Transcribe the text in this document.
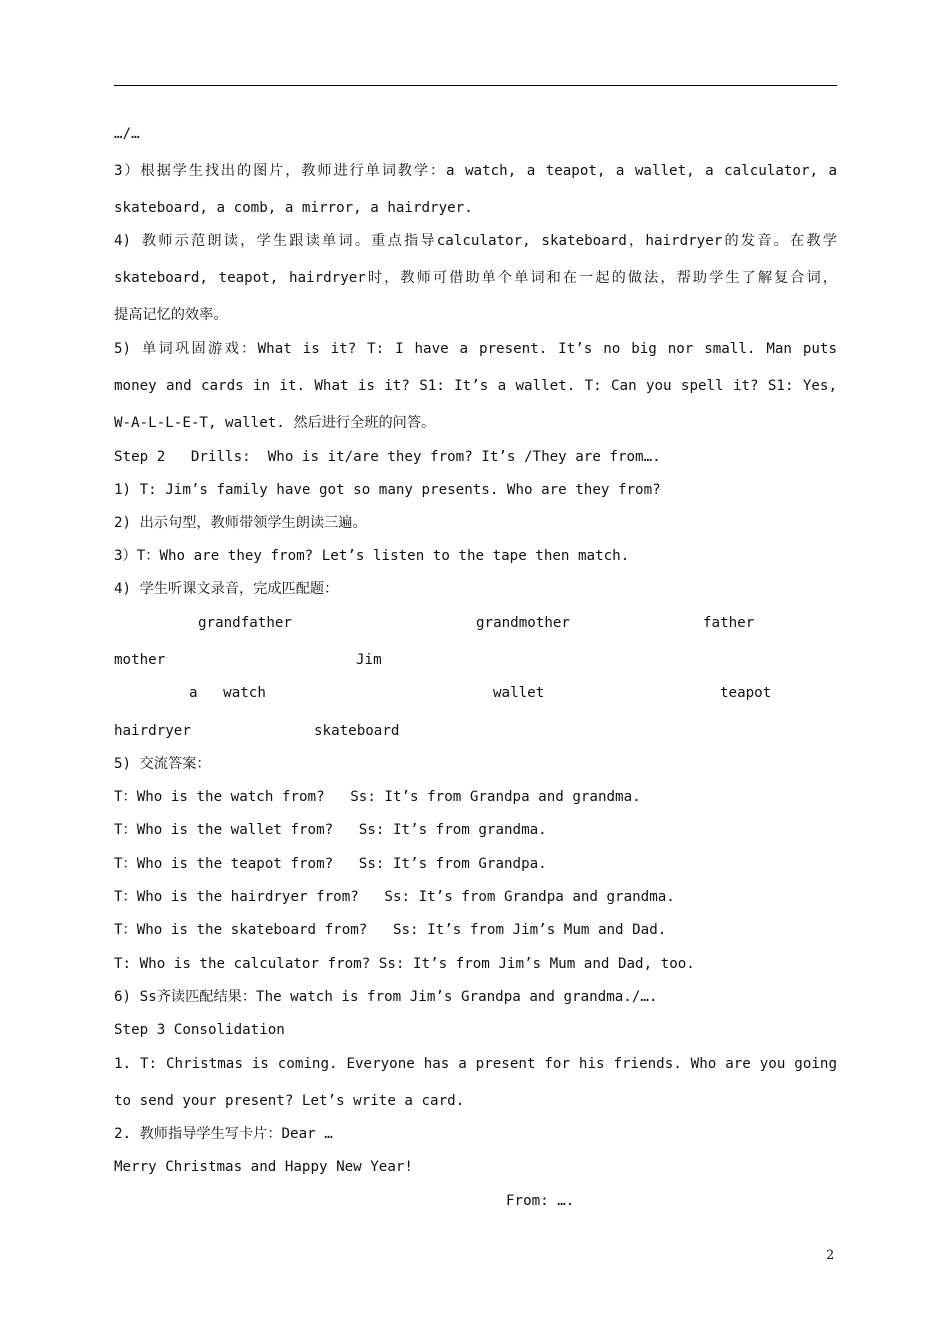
…/…

3）根据学生找出的图片，教师进行单词教学：a watch, a teapot, a wallet, a calculator, a

skateboard, a comb, a mirror, a hairdryer.

4) 教师示范朗读，学生跟读单词。重点指导calculator, skateboard，hairdryer的发音。在教学

skateboard, teapot, hairdryer时，教师可借助单个单词和在一起的做法，帮助学生了解复合词，

提高记忆的效率。

5) 单词巩固游戏：What is it? T: I have a present. It’s no big nor small. Man puts

money and cards in it. What is it? S1: It’s a wallet. T: Can you spell it? S1: Yes,

W-A-L-L-E-T, wallet. 然后进行全班的问答。

Step 2   Drills:  Who is it/are they from? It’s /They are from….

1) T: Jim’s family have got so many presents. Who are they from?

2) 出示句型，教师带领学生朗读三遍。

3）T：Who are they from? Let’s listen to the tape then match.

4) 学生听课文录音，完成匹配题：

grandfather	grandmother	father

mother	Jim

a   watch	wallet	teapot

hairdryer	skateboard

5) 交流答案：

T：Who is the watch from?   Ss: It’s from Grandpa and grandma.

T：Who is the wallet from?   Ss: It’s from grandma.

T：Who is the teapot from?   Ss: It’s from Grandpa.

T：Who is the hairdryer from?   Ss: It’s from Grandpa and grandma.

T：Who is the skateboard from?   Ss: It’s from Jim’s Mum and Dad.

T: Who is the calculator from? Ss: It’s from Jim’s Mum and Dad, too.

6) Ss齐读匹配结果：The watch is from Jim’s Grandpa and grandma./….

Step 3 Consolidation

1. T: Christmas is coming. Everyone has a present for his friends. Who are you going

to send your present? Let’s write a card.

2. 教师指导学生写卡片：Dear …

Merry Christmas and Happy New Year!

From: ….

2
